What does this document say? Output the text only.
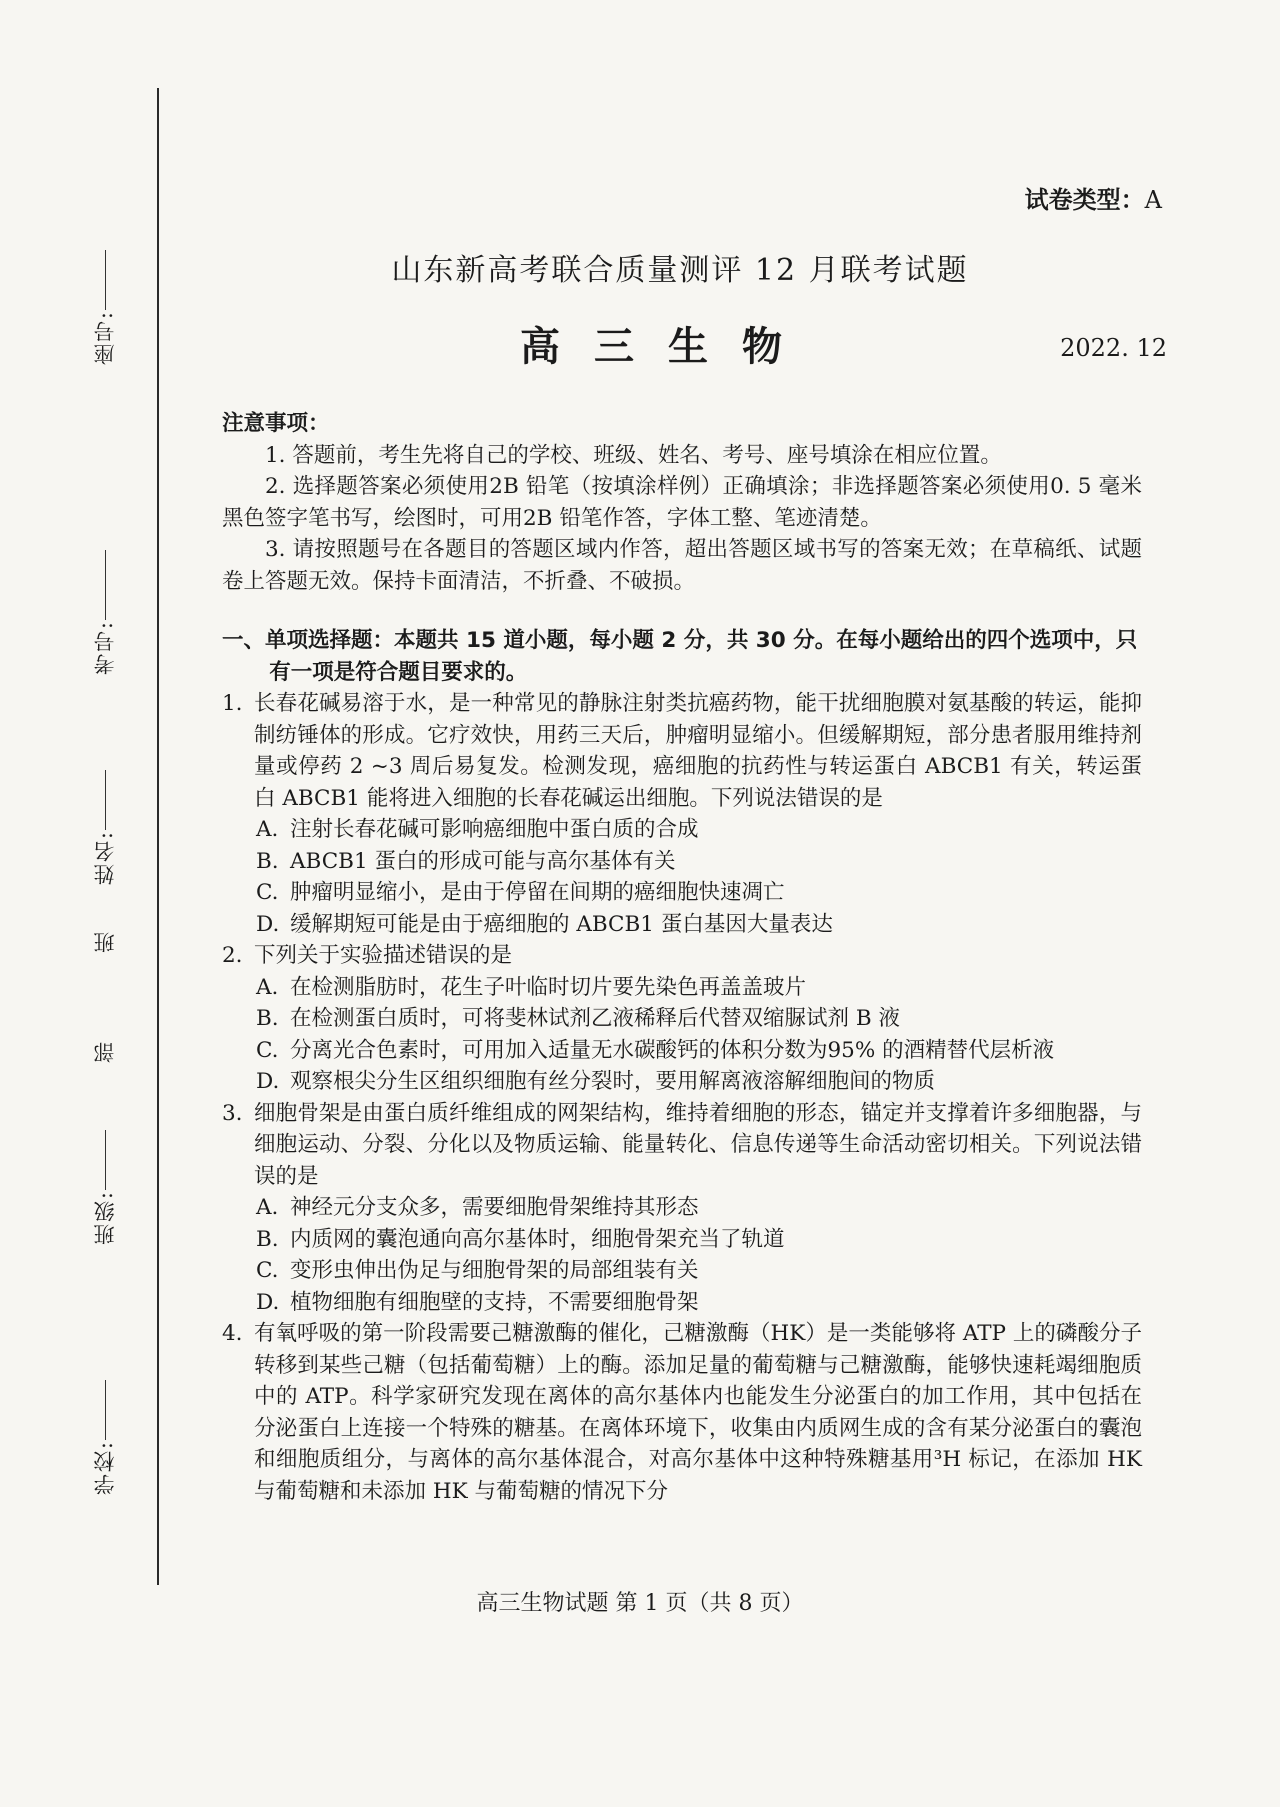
座号:
考号:
姓名:
班
部
班级:
学校:
试卷类型：A
山东新高考联合质量测评 12 月联考试题
高三生物	2022. 12
注意事项：
1. 答题前，考生先将自己的学校、班级、姓名、考号、座号填涂在相应位置。
2. 选择题答案必须使用2B 铅笔（按填涂样例）正确填涂；非选择题答案必须使用0. 5 毫米黑色签字笔书写，绘图时，可用2B 铅笔作答，字体工整、笔迹清楚。
3. 请按照题号在各题目的答题区域内作答，超出答题区域书写的答案无效；在草稿纸、试题卷上答题无效。保持卡面清洁，不折叠、不破损。
一、单项选择题：本题共 15 道小题，每小题 2 分，共 30 分。在每小题给出的四个选项中，只有一项是符合题目要求的。
1. 长春花碱易溶于水，是一种常见的静脉注射类抗癌药物，能干扰细胞膜对氨基酸的转运，能抑制纺锤体的形成。它疗效快，用药三天后，肿瘤明显缩小。但缓解期短，部分患者服用维持剂量或停药 2 ~3 周后易复发。检测发现，癌细胞的抗药性与转运蛋白 ABCB1 有关，转运蛋白 ABCB1 能将进入细胞的长春花碱运出细胞。下列说法错误的是
A. 注射长春花碱可影响癌细胞中蛋白质的合成
B. ABCB1 蛋白的形成可能与高尔基体有关
C. 肿瘤明显缩小，是由于停留在间期的癌细胞快速凋亡
D. 缓解期短可能是由于癌细胞的 ABCB1 蛋白基因大量表达
2. 下列关于实验描述错误的是
A. 在检测脂肪时，花生子叶临时切片要先染色再盖盖玻片
B. 在检测蛋白质时，可将斐林试剂乙液稀释后代替双缩脲试剂 B 液
C. 分离光合色素时，可用加入适量无水碳酸钙的体积分数为95% 的酒精替代层析液
D. 观察根尖分生区组织细胞有丝分裂时，要用解离液溶解细胞间的物质
3. 细胞骨架是由蛋白质纤维组成的网架结构，维持着细胞的形态，锚定并支撑着许多细胞器，与细胞运动、分裂、分化以及物质运输、能量转化、信息传递等生命活动密切相关。下列说法错误的是
A. 神经元分支众多，需要细胞骨架维持其形态
B. 内质网的囊泡通向高尔基体时，细胞骨架充当了轨道
C. 变形虫伸出伪足与细胞骨架的局部组装有关
D. 植物细胞有细胞壁的支持，不需要细胞骨架
4. 有氧呼吸的第一阶段需要己糖激酶的催化，己糖激酶（HK）是一类能够将 ATP 上的磷酸分子转移到某些己糖（包括葡萄糖）上的酶。添加足量的葡萄糖与己糖激酶，能够快速耗竭细胞质中的 ATP。科学家研究发现在离体的高尔基体内也能发生分泌蛋白的加工作用，其中包括在分泌蛋白上连接一个特殊的糖基。在离体环境下，收集由内质网生成的含有某分泌蛋白的囊泡和细胞质组分，与离体的高尔基体混合，对高尔基体中这种特殊糖基用³H 标记，在添加 HK 与葡萄糖和未添加 HK 与葡萄糖的情况下分
高三生物试题 第 1 页（共 8 页）
